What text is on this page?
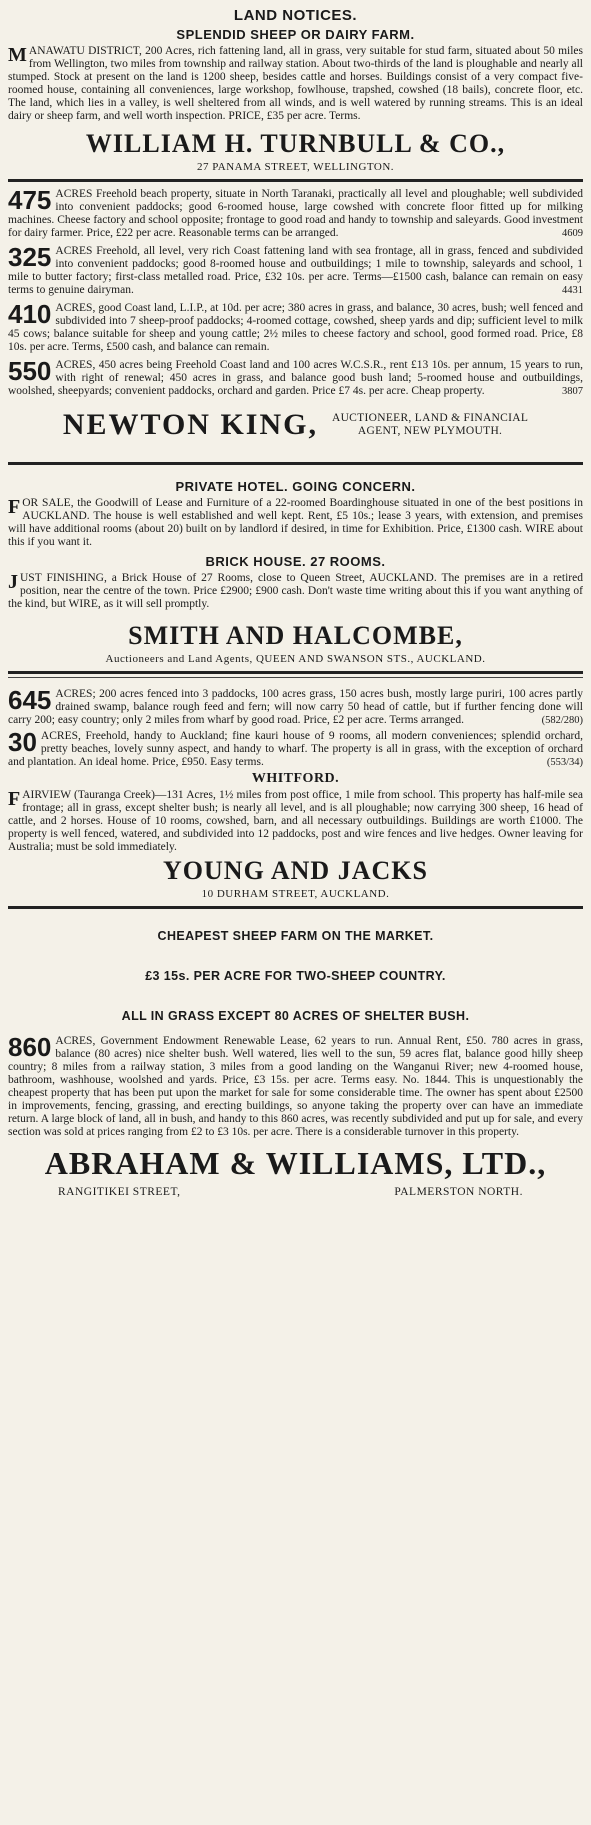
LAND NOTICES.
SPLENDID SHEEP OR DAIRY FARM.

MANAWATU DISTRICT, 200 Acres, rich fattening land, all in grass, very suitable for stud farm, situated about 50 miles from Wellington, two miles from township and railway station. About two-thirds of the land is ploughable and nearly all stumped. Stock at present on the land is 1200 sheep, besides cattle and horses. Buildings consist of a very compact five-roomed house, containing all conveniences, large workshop, fowlhouse, trapshed, cowshed (18 bails), concrete floor, etc. The land, which lies in a valley, is well sheltered from all winds, and is well watered by running streams. This is an ideal dairy or sheep farm, and well worth inspection. PRICE, £35 per acre. Terms.

WILLIAM H. TURNBULL & CO.,
27 PANAMA STREET, WELLINGTON.

475 ACRES Freehold beach property, situate in North Taranaki, practically all level and ploughable; well subdivided into convenient paddocks; good 6-roomed house, large cowshed with concrete floor fitted up for milking machines. Cheese factory and school opposite; frontage to good road and handy to township and saleyards. Good investment for dairy farmer. Price, £22 per acre. Reasonable terms can be arranged.	4609

325 ACRES Freehold, all level, very rich Coast fattening land with sea frontage, all in grass, fenced and subdivided into convenient paddocks; good 8-roomed house and outbuildings; 1 mile to township, saleyards and school, 1 mile to butter factory; first-class metalled road. Price, £32 10s. per acre. Terms—£1500 cash, balance can remain on easy terms to genuine dairyman.	4431

410 ACRES, good Coast land, L.I.P., at 10d. per acre; 380 acres in grass, and balance, 30 acres, bush; well fenced and subdivided into 7 sheep-proof paddocks; 4-roomed cottage, cowshed, sheep yards and dip; sufficient level to milk 45 cows; balance suitable for sheep and young cattle; 2½ miles to cheese factory and school, good formed road. Price, £8 10s. per acre. Terms, £500 cash, and balance can remain.

550 ACRES, 450 acres being Freehold Coast land and 100 acres W.C.S.R., rent £13 10s. per annum, 15 years to run, with right of renewal; 450 acres in grass, and balance good bush land; 5-roomed house and outbuildings, woolshed, sheepyards; convenient paddocks, orchard and garden. Price £7 4s. per acre. Cheap property.	3807

NEWTON KING, AUCTIONEER, LAND & FINANCIAL
AGENT, NEW PLYMOUTH.
PRIVATE HOTEL. GOING CONCERN.

FOR SALE, the Goodwill of Lease and Furniture of a 22-roomed Boardinghouse situated in one of the best positions in AUCKLAND. The house is well established and well kept. Rent, £5 10s.; lease 3 years, with extension, and premises will have additional rooms (about 20) built on by landlord if desired, in time for Exhibition. Price, £1300 cash. WIRE about this if you want it.

BRICK HOUSE. 27 ROOMS.

JUST FINISHING, a Brick House of 27 Rooms, close to Queen Street, AUCKLAND. The premises are in a retired position, near the centre of the town. Price £2900; £900 cash. Don't waste time writing about this if you want anything of the kind, but WIRE, as it will sell promptly.

SMITH AND HALCOMBE,
Auctioneers and Land Agents, QUEEN AND SWANSON STS., AUCKLAND.

645 ACRES; 200 acres fenced into 3 paddocks, 100 acres grass, 150 acres bush, mostly large puriri, 100 acres partly drained swamp, balance rough feed and fern; will now carry 50 head of cattle, but if further fencing done will carry 200; easy country; only 2 miles from wharf by good road. Price, £2 per acre. Terms arranged.	(582/280)

30 ACRES, Freehold, handy to Auckland; fine kauri house of 9 rooms, all modern conveniences; splendid orchard, pretty beaches, lovely sunny aspect, and handy to wharf. The property is all in grass, with the exception of orchard and plantation. An ideal home. Price, £950. Easy terms.	(553/34)

WHITFORD.

FAIRVIEW (Tauranga Creek)—131 Acres, 1½ miles from post office, 1 mile from school. This property has half-mile sea frontage; all in grass, except shelter bush; is nearly all level, and is all ploughable; now carrying 300 sheep, 16 head of cattle, and 2 horses. House of 10 rooms, cowshed, barn, and all necessary outbuildings. Buildings are worth £1000. The property is well fenced, watered, and subdivided into 12 paddocks, post and wire fences and live hedges. Owner leaving for Australia; must be sold immediately.

YOUNG AND JACKS
10 DURHAM STREET, AUCKLAND.
CHEAPEST SHEEP FARM ON THE MARKET.
£3 15s. PER ACRE FOR TWO-SHEEP COUNTRY.
ALL IN GRASS EXCEPT 80 ACRES OF SHELTER BUSH.

860 ACRES, Government Endowment Renewable Lease, 62 years to run. Annual Rent, £50. 780 acres in grass, balance (80 acres) nice shelter bush. Well watered, lies well to the sun, 59 acres flat, balance good hilly sheep country; 8 miles from a railway station, 3 miles from a good landing on the Wanganui River; new 4-roomed house, bathroom, washhouse, woolshed and yards. Price, £3 15s. per acre. Terms easy. No. 1844. This is unquestionably the cheapest property that has been put upon the market for sale for some considerable time. The owner has spent about £2500 in improvements, fencing, grassing, and erecting buildings, so anyone taking the property over can have an immediate return. A large block of land, all in bush, and handy to this 860 acres, was recently subdivided and put up for sale, and every section was sold at prices ranging from £2 to £3 10s. per acre. There is a considerable turnover in this property.

ABRAHAM & WILLIAMS, LTD.,
RANGITIKEI STREET,	PALMERSTON NORTH.
